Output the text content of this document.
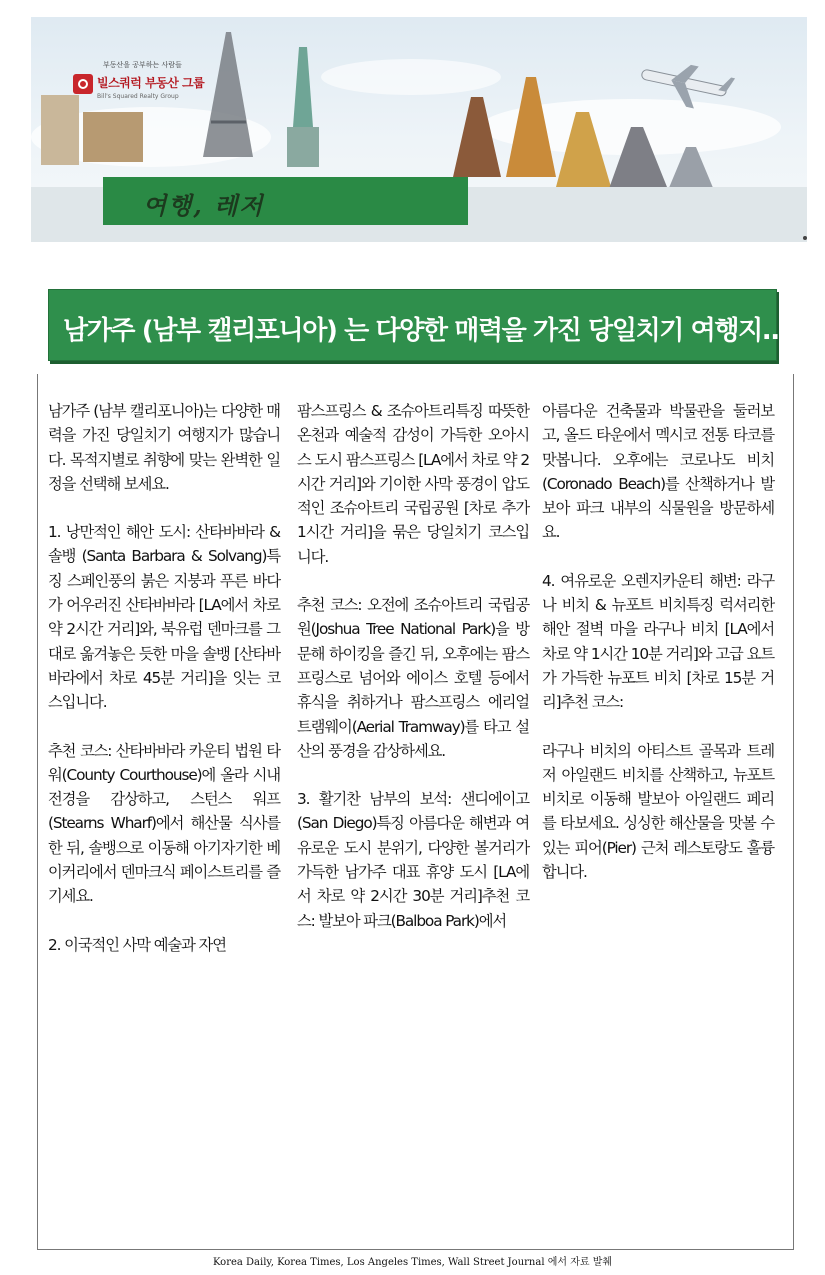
부동산을 공부하는 사람들
빌스쿼럭 부동산 그룹
Bill's Squared Realty Group
여행, 레저
남가주 (남부 캘리포니아) 는 다양한 매력을 가진 당일치기 여행지...

남가주 (남부 캘리포니아)는 다양한 매력을 가진 당일치기 여행지가 많습니다. 목적지별로 취향에 맞는 완벽한 일정을 선택해 보세요.

1. 낭만적인 해안 도시: 산타바바라 & 솔뱅 (Santa Barbara & Solvang)특징 스페인풍의 붉은 지붕과 푸른 바다가 어우러진 산타바바라 [LA에서 차로 약 2시간 거리]와, 북유럽 덴마크를 그대로 옮겨놓은 듯한 마을 솔뱅 [산타바바라에서 차로 45분 거리]을 잇는 코스입니다.

추천 코스: 산타바바라 카운티 법원 타워(County Courthouse)에 올라 시내 전경을 감상하고, 스턴스 워프(Stearns Wharf)에서 해산물 식사를 한 뒤, 솔뱅으로 이동해 아기자기한 베이커리에서 덴마크식 페이스트리를 즐기세요.

2. 이국적인 사막 예술과 자연

팜스프링스 & 조슈아트리특징 따뜻한 온천과 예술적 감성이 가득한 오아시스 도시 팜스프링스 [LA에서 차로 약 2시간 거리]와 기이한 사막 풍경이 압도적인 조슈아트리 국립공원 [차로 추가 1시간 거리]을 묶은 당일치기 코스입니다.

추천 코스: 오전에 조슈아트리 국립공원(Joshua Tree National Park)을 방문해 하이킹을 즐긴 뒤, 오후에는 팜스프링스로 넘어와 에이스 호텔 등에서 휴식을 취하거나 팜스프링스 에리얼 트램웨이(Aerial Tramway)를 타고 설산의 풍경을 감상하세요.

3. 활기찬 남부의 보석: 샌디에이고 (San Diego)특징 아름다운 해변과 여유로운 도시 분위기, 다양한 볼거리가 가득한 남가주 대표 휴양 도시 [LA에서 차로 약 2시간 30분 거리]추천 코스: 발보아 파크(Balboa Park)에서

아름다운 건축물과 박물관을 둘러보고, 올드 타운에서 멕시코 전통 타코를 맛봅니다. 오후에는 코로나도 비치(Coronado Beach)를 산책하거나 발보아 파크 내부의 식물원을 방문하세요.

4. 여유로운 오렌지카운티 해변: 라구나 비치 & 뉴포트 비치특징 럭셔리한 해안 절벽 마을 라구나 비치 [LA에서 차로 약 1시간 10분 거리]와 고급 요트가 가득한 뉴포트 비치 [차로 15분 거리]추천 코스:

라구나 비치의 아티스트 골목과 트레저 아일랜드 비치를 산책하고, 뉴포트 비치로 이동해 발보아 아일랜드 페리를 타보세요. 싱싱한 해산물을 맛볼 수 있는 피어(Pier) 근처 레스토랑도 훌륭합니다.

Korea Daily, Korea Times, Los Angeles Times, Wall Street Journal 에서 자료 발췌
